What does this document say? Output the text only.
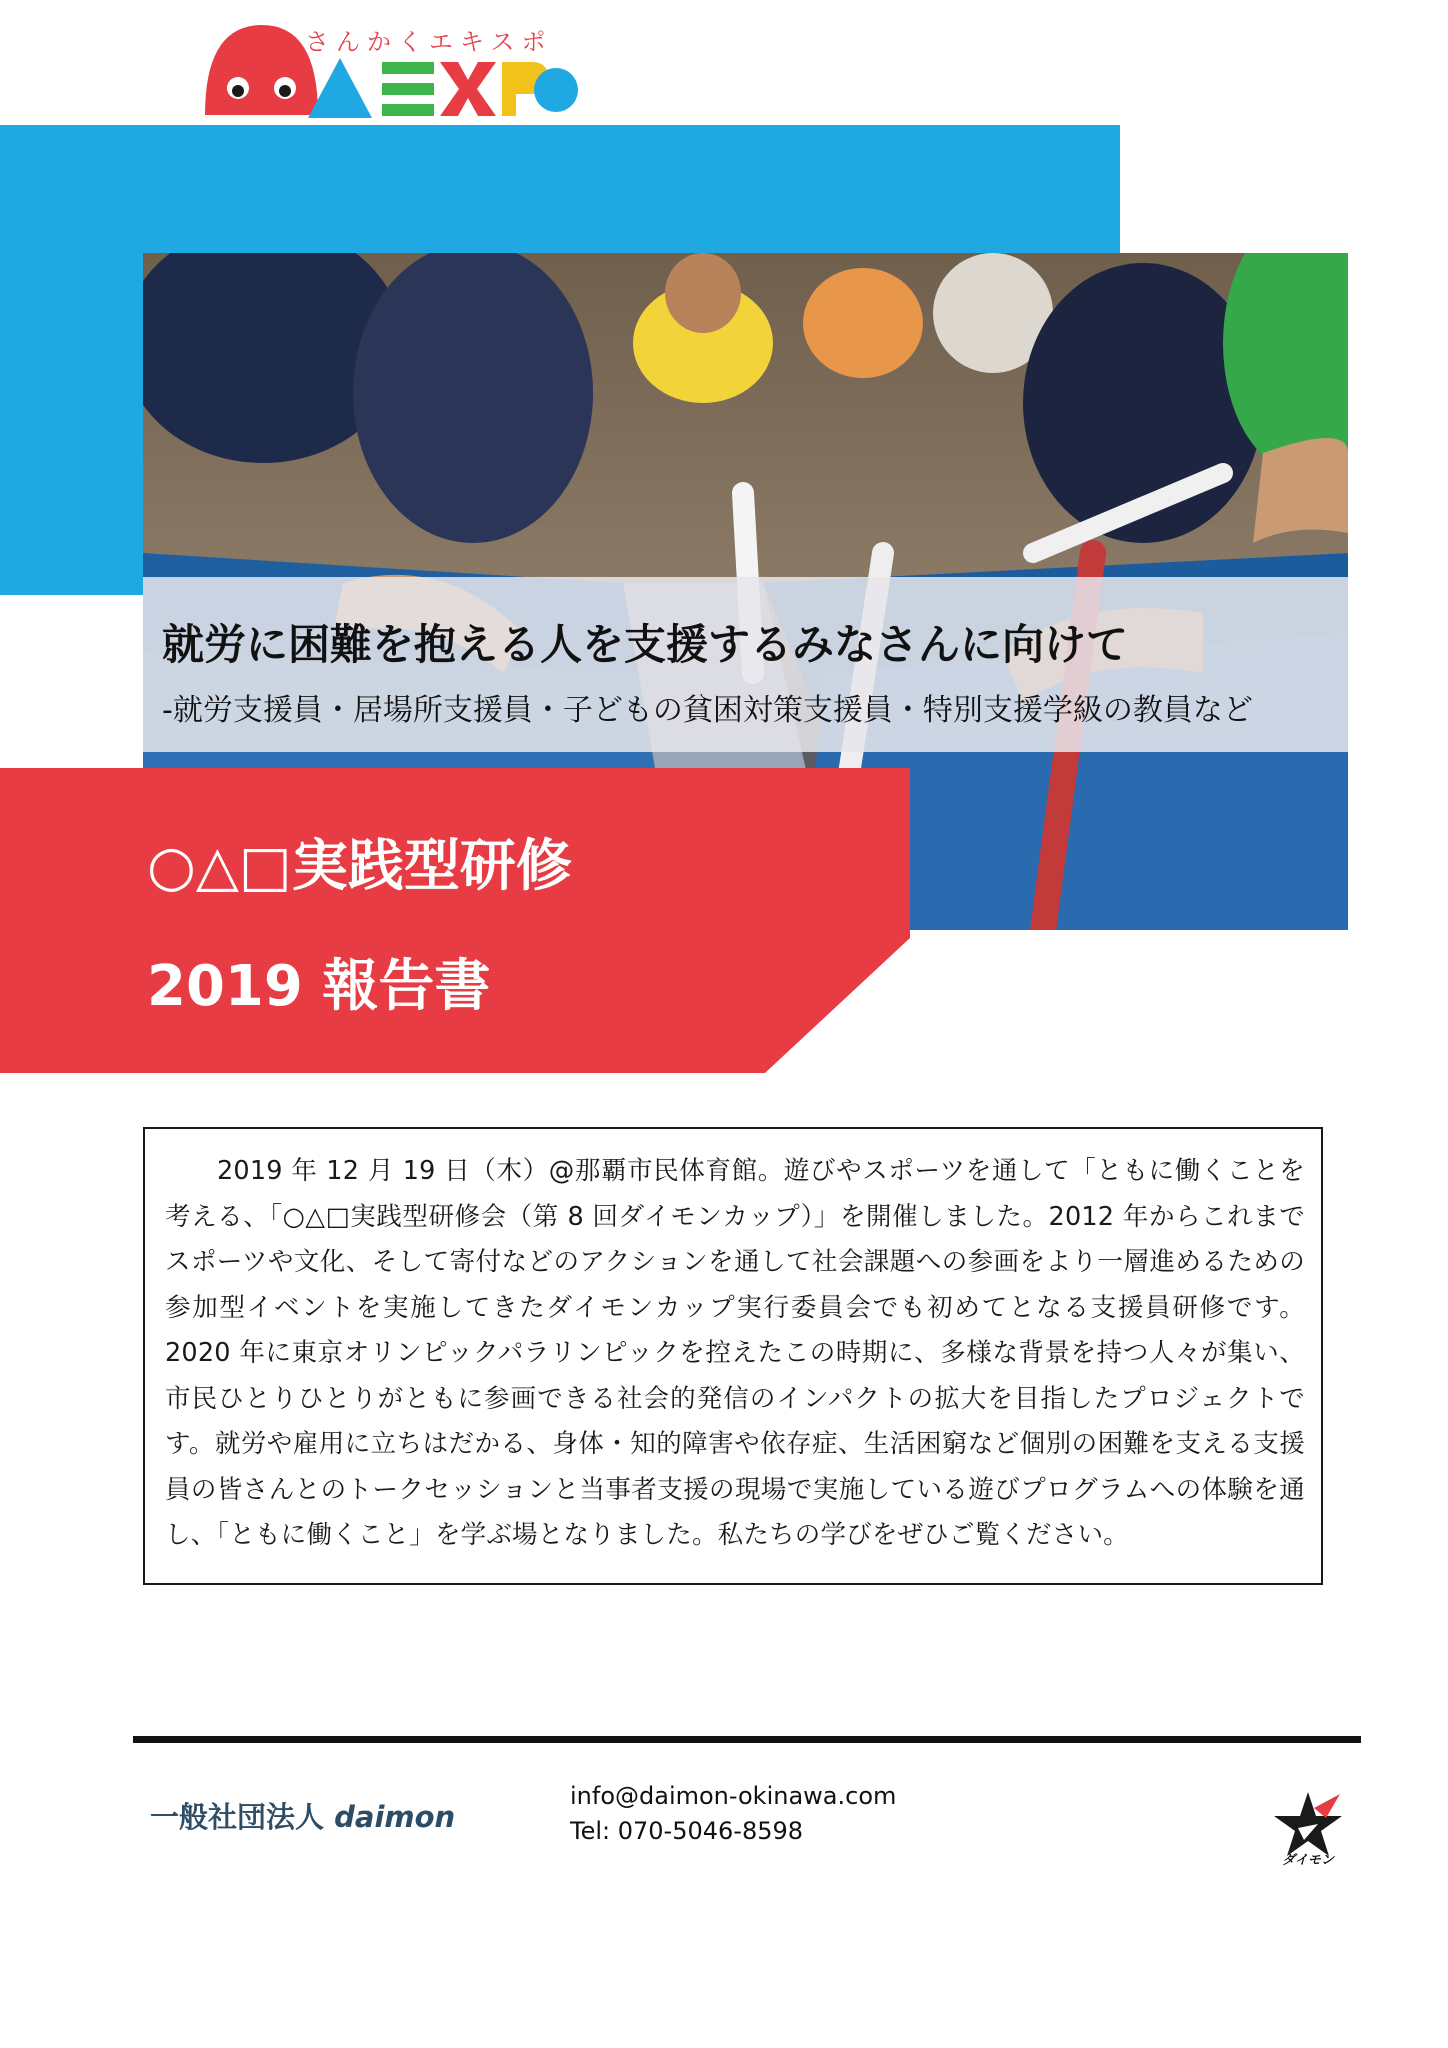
さんかくエキスポ
就労に困難を抱える人を支援するみなさんに向けて
-就労支援員・居場所支援員・子どもの貧困対策支援員・特別支援学級の教員など
○△□実践型研修
2019 報告書

2019 年 12 月 19 日（木）@那覇市民体育館。遊びやスポーツを通して「ともに働くことを考える、「○△□実践型研修会（第 8 回ダイモンカップ）」を開催しました。2012 年からこれまでスポーツや文化、そして寄付などのアクションを通して社会課題への参画をより一層進めるための参加型イベントを実施してきたダイモンカップ実行委員会でも初めてとなる支援員研修です。2020 年に東京オリンピックパラリンピックを控えたこの時期に、多様な背景を持つ人々が集い、市民ひとりひとりがともに参画できる社会的発信のインパクトの拡大を目指したプロジェクトです。就労や雇用に立ちはだかる、身体・知的障害や依存症、生活困窮など個別の困難を支える支援員の皆さんとのトークセッションと当事者支援の現場で実施している遊びプログラムへの体験を通し、「ともに働くこと」を学ぶ場となりました。私たちの学びをぜひご覧ください。

一般社団法人 daimon
info@daimon-okinawa.com
Tel: 070-5046-8598
ダイモン
